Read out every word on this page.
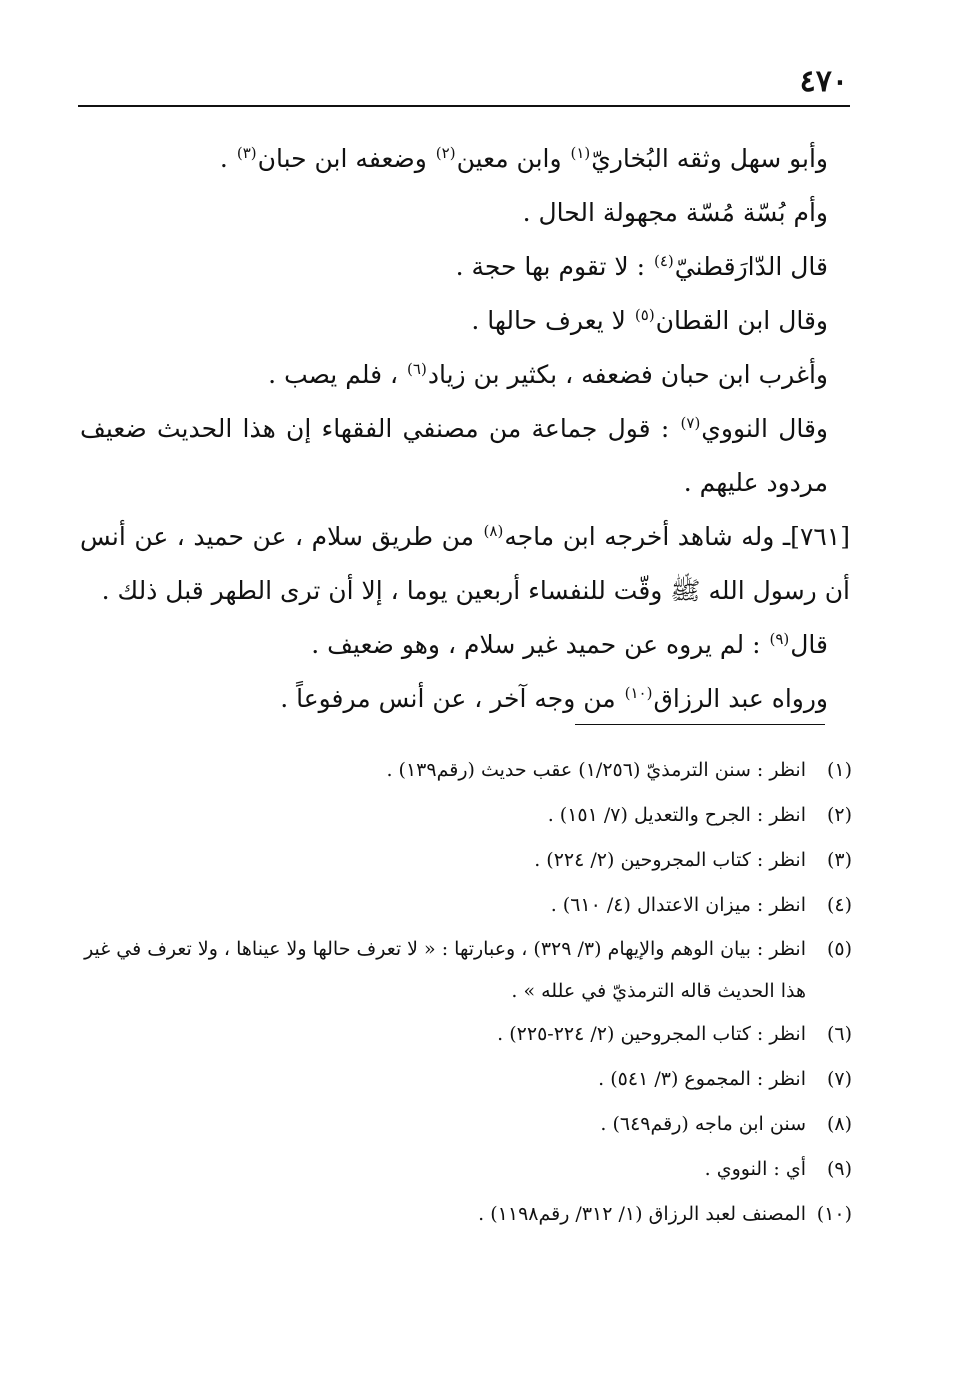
٤٧٠

وأبو سهل وثقه البُخاريّ$^{(١)}$ وابن معين$^{(٢)}$ وضعفه ابن حبان$^{(٣)}$ .

وأم بُسّة مُسّة مجهولة الحال .

قال الدّارَقطنيّ$^{(٤)}$ : لا تقوم بها حجة .

وقال ابن القطان$^{(٥)}$ لا يعرف حالها .

وأغرب ابن حبان فضعفه ، بكثير بن زياد$^{(٦)}$ ، فلم يصب .

وقال النووي$^{(٧)}$ : قول جماعة من مصنفي الفقهاء إن هذا الحديث ضعيف مردود عليهم .

[٧٦١]ـ وله شاهد أخرجه ابن ماجه$^{(٨)}$ من طريق سلام ، عن حميد ، عن أنس أن رسول الله ﷺ وقّت للنفساء أربعين يوما ، إلا أن ترى الطهر قبل ذلك .

قال$^{(٩)}$ : لم يروه عن حميد غير سلام ، وهو ضعيف .

ورواه عبد الرزاق$^{(١٠)}$ من وجه آخر ، عن أنس مرفوعاً .

(١)
انظر : سنن الترمذيّ (١/٢٥٦) عقب حديث (رقم١٣٩) .

(٢)
انظر : الجرح والتعديل (٧/ ١٥١) .

(٣)
انظر : كتاب المجروحين (٢/ ٢٢٤) .

(٤)
انظر : ميزان الاعتدال (٤/ ٦١٠) .

(٥)
انظر : بيان الوهم والإيهام (٣/ ٣٢٩) ، وعبارتها : « لا تعرف حالها ولا عيناها ، ولا تعرف في غير هذا الحديث قاله الترمذيّ في علله » .

(٦)
انظر : كتاب المجروحين (٢/ ٢٢٤-٢٢٥) .

(٧)
انظر : المجموع (٣/ ٥٤١) .

(٨)
سنن ابن ماجه (رقم٦٤٩) .

(٩)
أي : النووي .

(١٠)
المصنف لعبد الرزاق (١/ ٣١٢/ رقم١١٩٨) .
